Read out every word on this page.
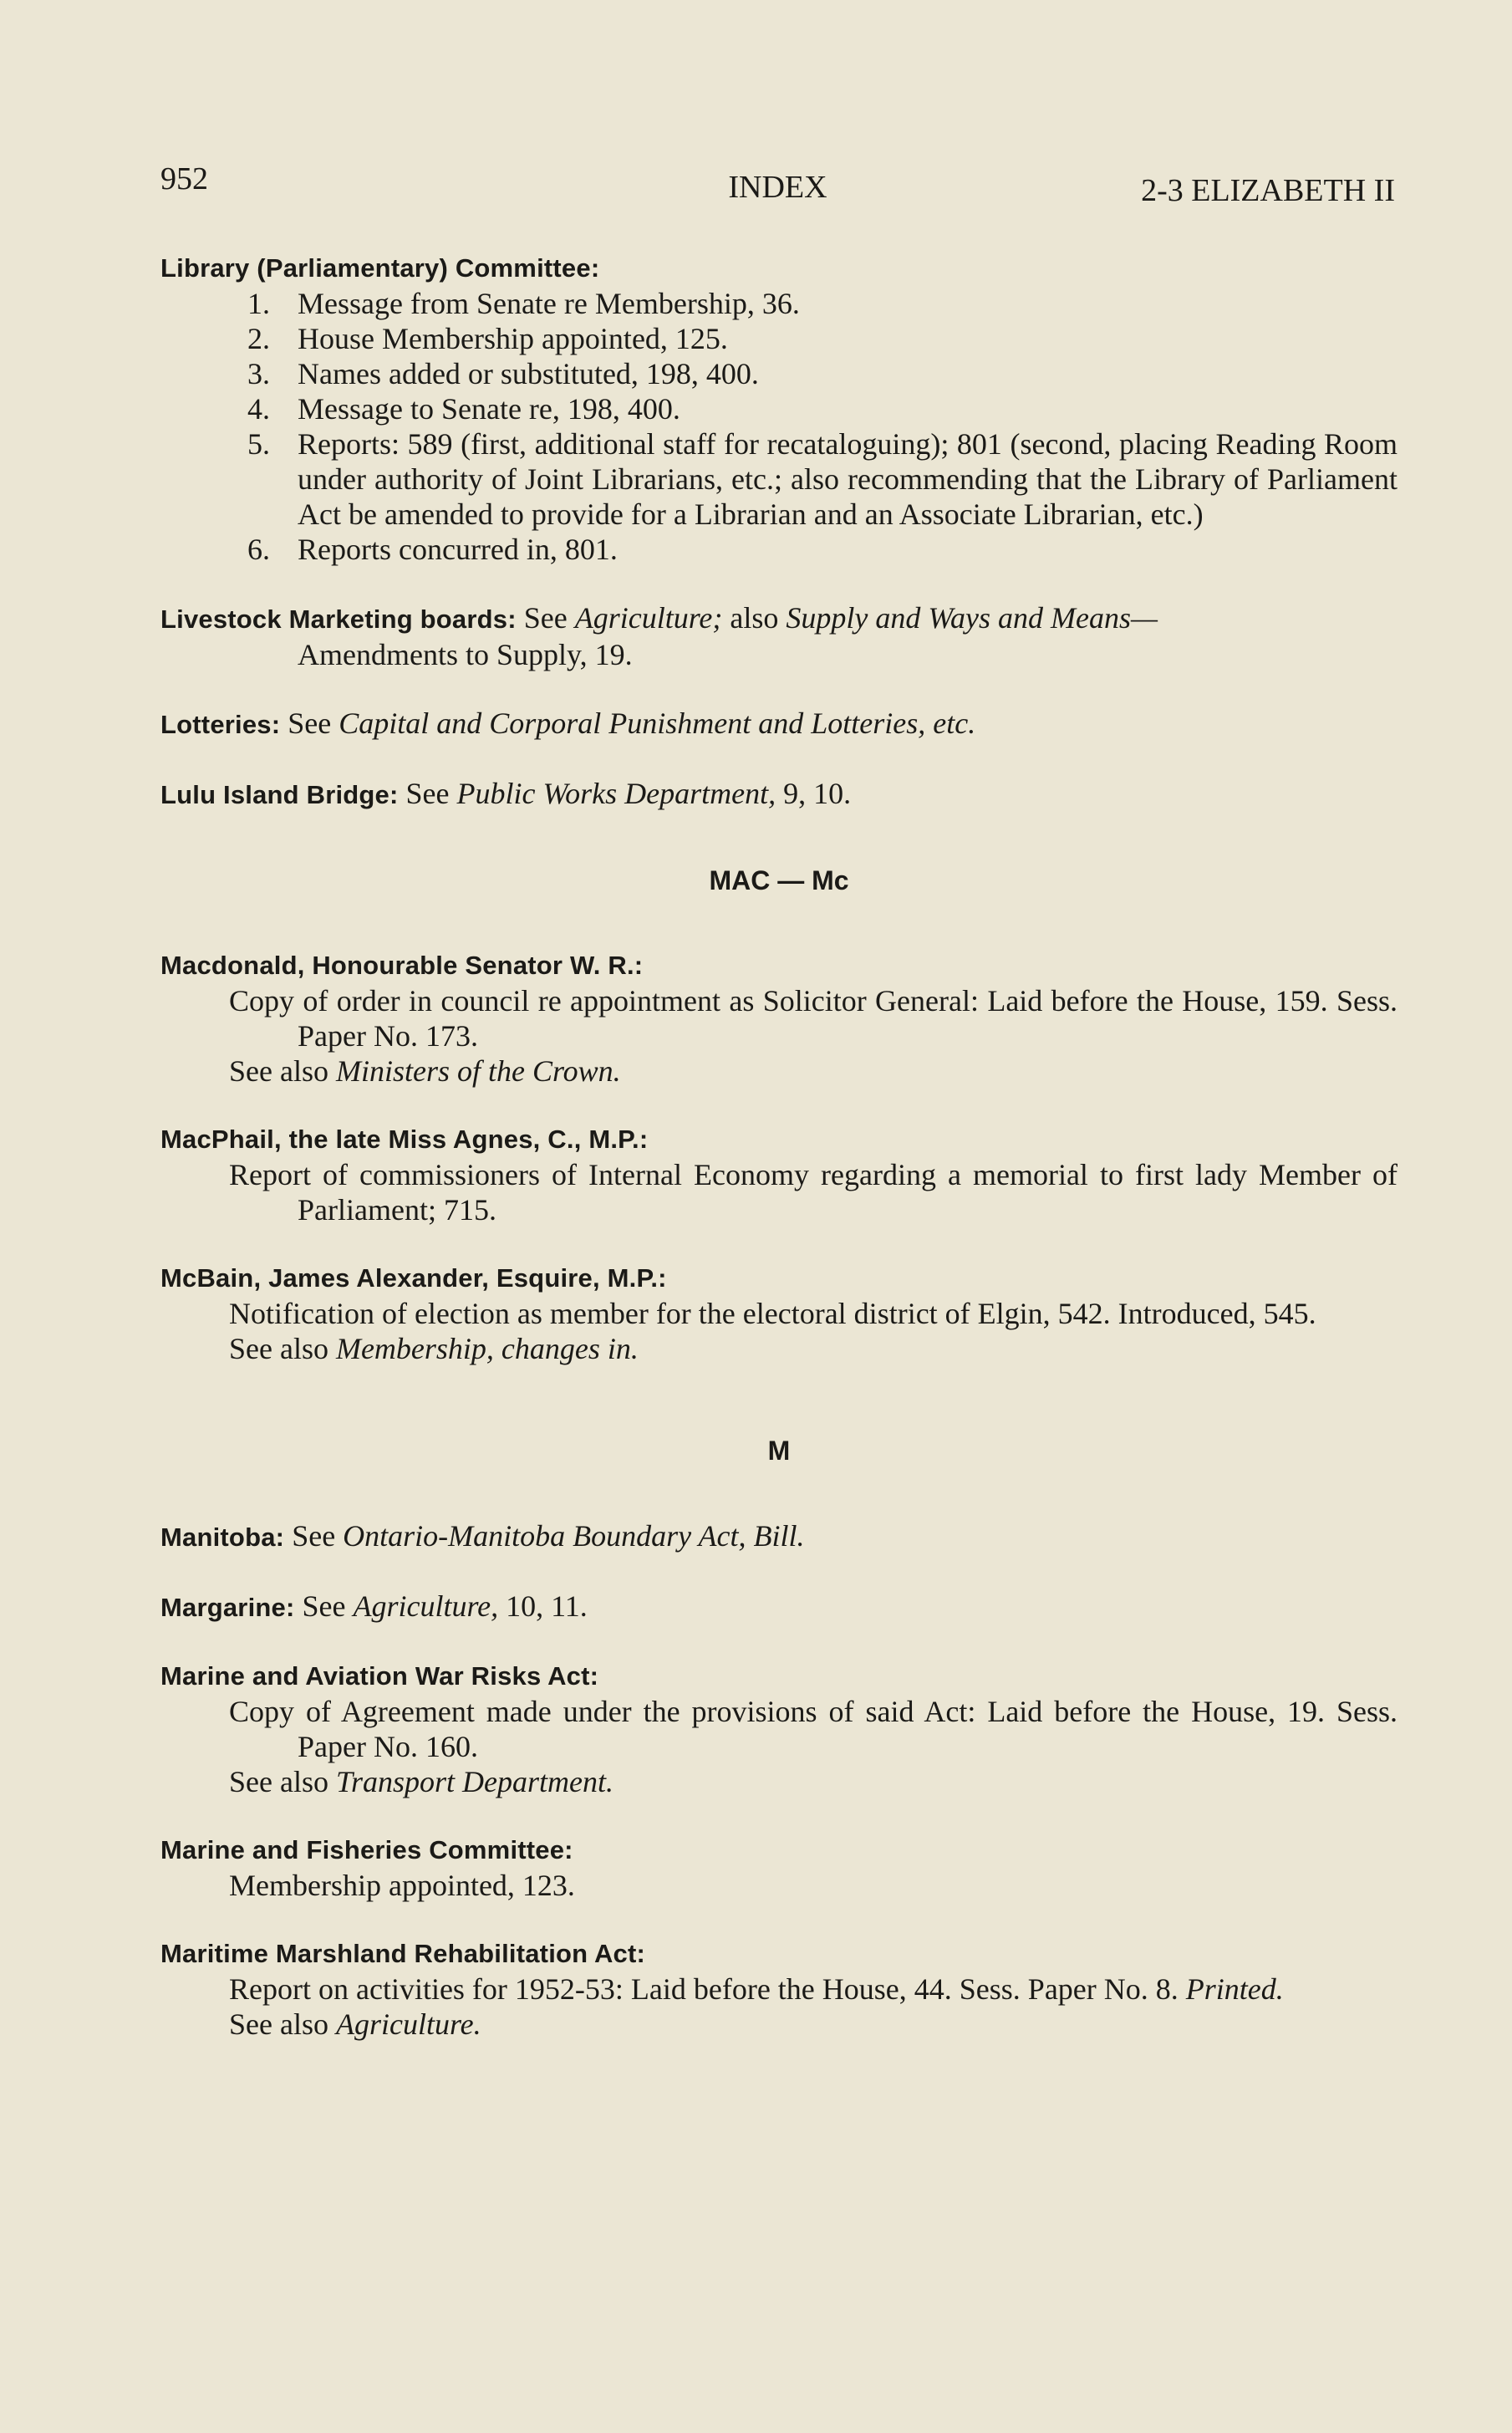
952	INDEX	2-3 ELIZABETH II
Library (Parliamentary) Committee:
1. Message from Senate re Membership, 36.
2. House Membership appointed, 125.
3. Names added or substituted, 198, 400.
4. Message to Senate re, 198, 400.
5. Reports: 589 (first, additional staff for recataloguing); 801 (second, placing Reading Room under authority of Joint Librarians, etc.; also recommending that the Library of Parliament Act be amended to provide for a Librarian and an Associate Librarian, etc.)
6. Reports concurred in, 801.
Livestock Marketing boards: See Agriculture; also Supply and Ways and Means—
Amendments to Supply, 19.
Lotteries: See Capital and Corporal Punishment and Lotteries, etc.
Lulu Island Bridge: See Public Works Department, 9, 10.
MAC — Mc
Macdonald, Honourable Senator W. R.:
Copy of order in council re appointment as Solicitor General: Laid before the House, 159. Sess. Paper No. 173.
See also Ministers of the Crown.
MacPhail, the late Miss Agnes, C., M.P.:
Report of commissioners of Internal Economy regarding a memorial to first lady Member of Parliament; 715.
McBain, James Alexander, Esquire, M.P.:
Notification of election as member for the electoral district of Elgin, 542. Introduced, 545.
See also Membership, changes in.
M
Manitoba: See Ontario-Manitoba Boundary Act, Bill.
Margarine: See Agriculture, 10, 11.
Marine and Aviation War Risks Act:
Copy of Agreement made under the provisions of said Act: Laid before the House, 19. Sess. Paper No. 160.
See also Transport Department.
Marine and Fisheries Committee:
Membership appointed, 123.
Maritime Marshland Rehabilitation Act:
Report on activities for 1952-53: Laid before the House, 44. Sess. Paper No. 8. Printed.
See also Agriculture.
